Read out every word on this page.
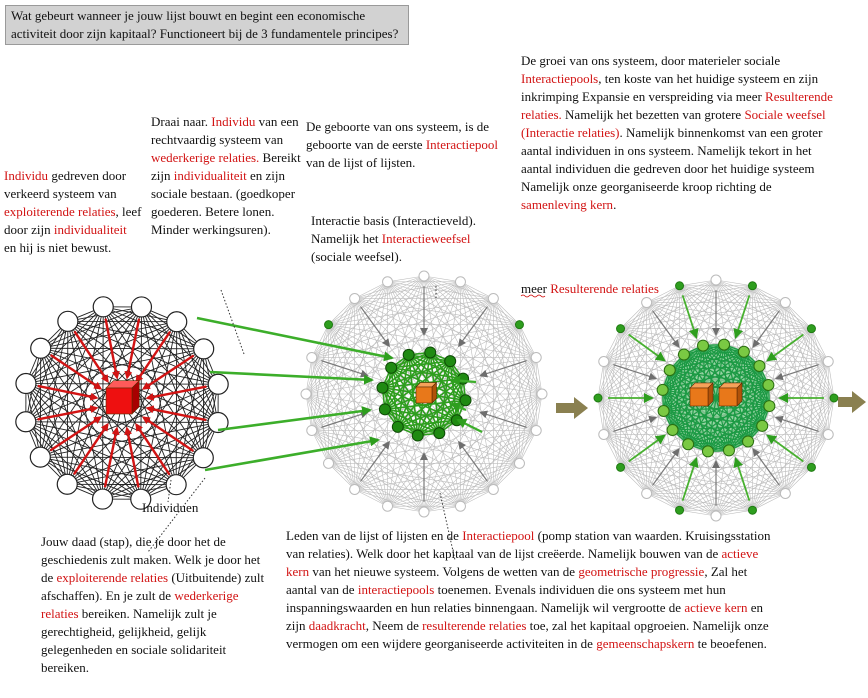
Wat gebeurt wanneer je jouw lijst bouwt en begint een economische activiteit door zijn kapitaal? Functioneert bij de 3 fundamentele principes?

Individu gedreven door verkeerd systeem van exploiterende relaties, leef door zijn individualiteit en hij is niet bewust.

Draai naar. Individu van een rechtvaardig systeem van wederkerige relaties. Bereikt zijn individualiteit en zijn sociale bestaan. (goedkoper goederen. Betere lonen. Minder werkingsuren).

De geboorte van ons systeem, is de geboorte van de eerste Interactiepool van de lijst of lijsten.

Interactie basis (Interactieveld). Namelijk het Interactieweefsel (sociale weefsel).

De groei van ons systeem, door materieler sociale Interactiepools, ten koste van het huidige systeem en zijn inkrimping Expansie en verspreiding via meer Resulterende relaties. Namelijk het bezetten van grotere Sociale weefsel (Interactie relaties). Namelijk binnenkomst van een groter aantal individuen in ons systeem. Namelijk tekort in het aantal individuen die gedreven door het huidige systeem Namelijk onze georganiseerde kroop richting de samenleving kern.

meer Resulterende relaties

Individuen

Jouw daad (stap), die je door het de geschiedenis zult maken. Welk je door het de exploiterende relaties (Uitbuitende) zult afschaffen). En je zult de wederkerige relaties bereiken. Namelijk zult je gerechtigheid, gelijkheid, gelijk gelegenheden en sociale solidariteit bereiken.

Leden van de lijst of lijsten en de Interactiepool (pomp station van waarden. Kruisingsstation van relaties). Welk door het kapitaal van de lijst creëerde. Namelijk bouwen van de actieve kern van het nieuwe systeem. Volgens de wetten van de geometrische progressie, Zal het aantal van de interactiepools toenemen. Evenals individuen die ons systeem met hun inspanningswaarden en hun relaties binnengaan. Namelijk wil vergrootte de actieve kern en zijn daadkracht, Neem de resulterende relaties toe, zal het kapitaal opgroeien. Namelijk onze vermogen om een wijdere georganiseerde activiteiten in de gemeenschapskern te beoefenen.
